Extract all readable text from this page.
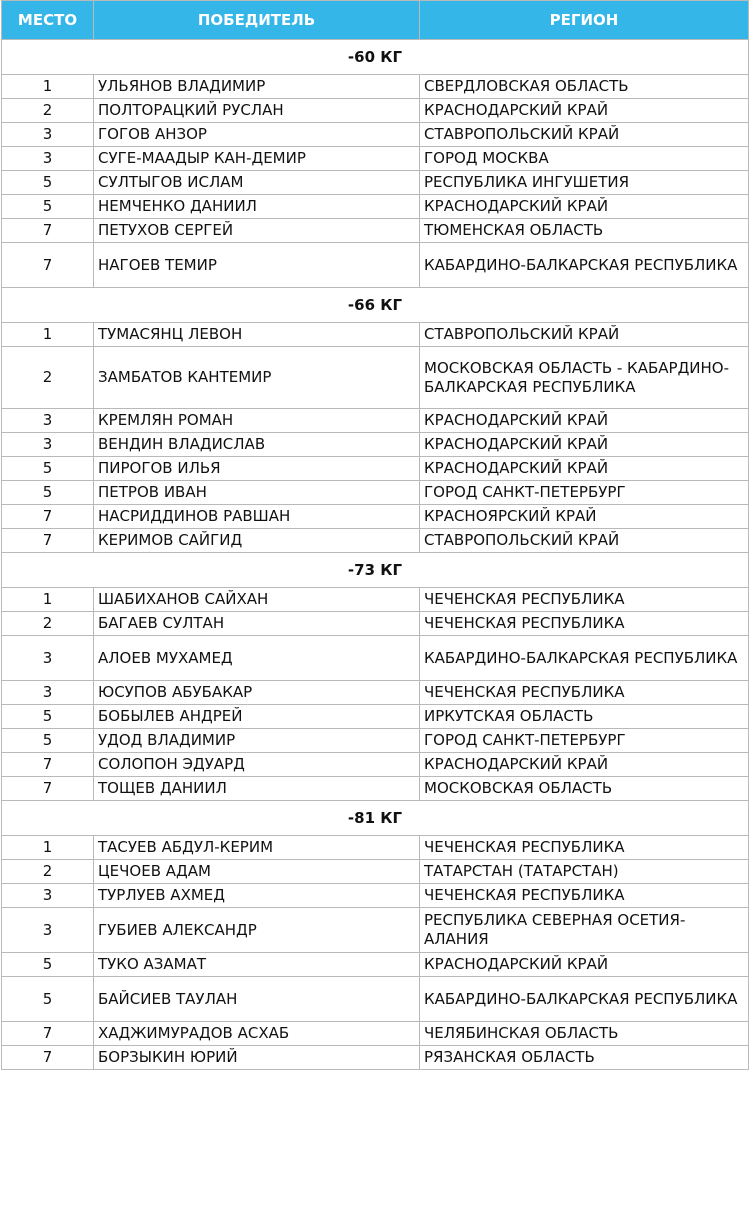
МЕСТО	ПОБЕДИТЕЛЬ	РЕГИОН
-60 КГ		
1	УЛЬЯНОВ ВЛАДИМИР	СВЕРДЛОВСКАЯ ОБЛАСТЬ
2	ПОЛТОРАЦКИЙ РУСЛАН	КРАСНОДАРСКИЙ КРАЙ
3	ГОГОВ АНЗОР	СТАВРОПОЛЬСКИЙ КРАЙ
3	СУГЕ-МААДЫР КАН-ДЕМИР	ГОРОД МОСКВА
5	СУЛТЫГОВ ИСЛАМ	РЕСПУБЛИКА ИНГУШЕТИЯ
5	НЕМЧЕНКО ДАНИИЛ	КРАСНОДАРСКИЙ КРАЙ
7	ПЕТУХОВ СЕРГЕЙ	ТЮМЕНСКАЯ ОБЛАСТЬ
7	НАГОЕВ ТЕМИР	КАБАРДИНО-БАЛКАРСКАЯ РЕСПУБЛИКА
-66 КГ		
1	ТУМАСЯНЦ ЛЕВОН	СТАВРОПОЛЬСКИЙ КРАЙ
2	ЗАМБАТОВ КАНТЕМИР	МОСКОВСКАЯ ОБЛАСТЬ - КАБАРДИНО-БАЛКАРСКАЯ РЕСПУБЛИКА
3	КРЕМЛЯН РОМАН	КРАСНОДАРСКИЙ КРАЙ
3	ВЕНДИН ВЛАДИСЛАВ	КРАСНОДАРСКИЙ КРАЙ
5	ПИРОГОВ ИЛЬЯ	КРАСНОДАРСКИЙ КРАЙ
5	ПЕТРОВ ИВАН	ГОРОД САНКТ-ПЕТЕРБУРГ
7	НАСРИДДИНОВ РАВШАН	КРАСНОЯРСКИЙ КРАЙ
7	КЕРИМОВ САЙГИД	СТАВРОПОЛЬСКИЙ КРАЙ
-73 КГ		
1	ШАБИХАНОВ САЙХАН	ЧЕЧЕНСКАЯ РЕСПУБЛИКА
2	БАГАЕВ СУЛТАН	ЧЕЧЕНСКАЯ РЕСПУБЛИКА
3	АЛОЕВ МУХАМЕД	КАБАРДИНО-БАЛКАРСКАЯ РЕСПУБЛИКА
3	ЮСУПОВ АБУБАКАР	ЧЕЧЕНСКАЯ РЕСПУБЛИКА
5	БОБЫЛЕВ АНДРЕЙ	ИРКУТСКАЯ ОБЛАСТЬ
5	УДОД ВЛАДИМИР	ГОРОД САНКТ-ПЕТЕРБУРГ
7	СОЛОПОН ЭДУАРД	КРАСНОДАРСКИЙ КРАЙ
7	ТОЩЕВ ДАНИИЛ	МОСКОВСКАЯ ОБЛАСТЬ
-81 КГ		
1	ТАСУЕВ АБДУЛ-КЕРИМ	ЧЕЧЕНСКАЯ РЕСПУБЛИКА
2	ЦЕЧОЕВ АДАМ	ТАТАРСТАН (ТАТАРСТАН)
3	ТУРЛУЕВ АХМЕД	ЧЕЧЕНСКАЯ РЕСПУБЛИКА
3	ГУБИЕВ АЛЕКСАНДР	РЕСПУБЛИКА СЕВЕРНАЯ ОСЕТИЯ-АЛАНИЯ
5	ТУКО АЗАМАТ	КРАСНОДАРСКИЙ КРАЙ
5	БАЙСИЕВ ТАУЛАН	КАБАРДИНО-БАЛКАРСКАЯ РЕСПУБЛИКА
7	ХАДЖИМУРАДОВ АСХАБ	ЧЕЛЯБИНСКАЯ ОБЛАСТЬ
7	БОРЗЫКИН ЮРИЙ	РЯЗАНСКАЯ ОБЛАСТЬ
